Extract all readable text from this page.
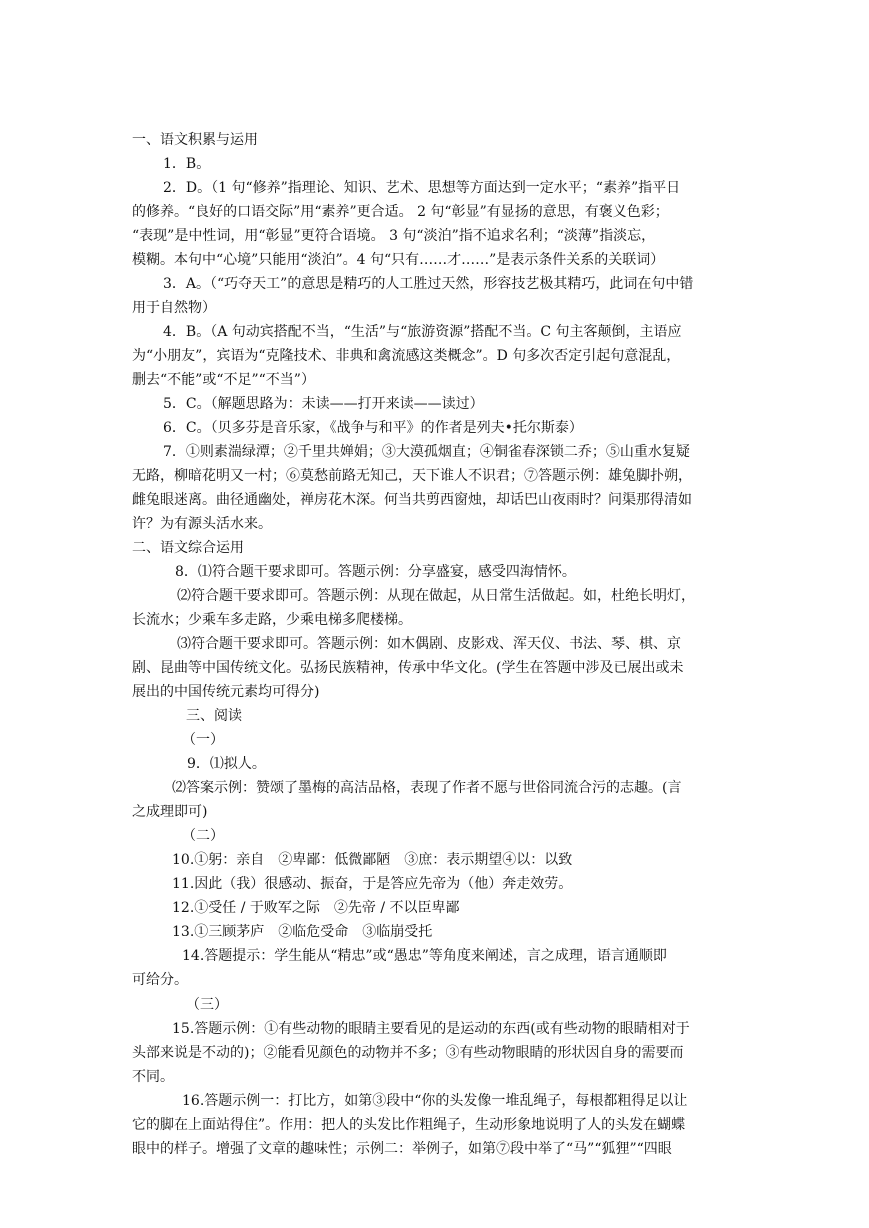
一、语文积累与运用
1．B。
2．D。（1 句“修养”指理论、知识、艺术、思想等方面达到一定水平；“素养”指平日
的修养。“良好的口语交际”用“素养”更合适。 2 句“彰显”有显扬的意思，有褒义色彩；
“表现”是中性词，用“彰显”更符合语境。 3 句“淡泊”指不追求名利；“淡薄”指淡忘，
模糊。本句中“心境”只能用“淡泊”。4 句“只有……才……”是表示条件关系的关联词）
3．A。（“巧夺天工”的意思是精巧的人工胜过天然，形容技艺极其精巧，此词在句中错
用于自然物）
4．B。（A 句动宾搭配不当，“生活”与“旅游资源”搭配不当。C 句主客颠倒，主语应
为“小朋友”，宾语为“克隆技术、非典和禽流感这类概念”。D 句多次否定引起句意混乱，
删去“不能”或“不足”“不当”）
5．C。（解题思路为：未读——打开来读——读过）
6．C。（贝多芬是音乐家，《战争与和平》的作者是列夫•托尔斯泰）
7．①则素湍绿潭；②千里共婵娟；③大漠孤烟直；④铜雀春深锁二乔；⑤山重水复疑
无路，柳暗花明又一村；⑥莫愁前路无知己，天下谁人不识君；⑦答题示例：雄兔脚扑朔，
雌兔眼迷离。曲径通幽处，禅房花木深。何当共剪西窗烛，却话巴山夜雨时？问渠那得清如
许？为有源头活水来。
二、语文综合运用
8．⑴符合题干要求即可。答题示例：分享盛宴，感受四海情怀。
⑵符合题干要求即可。答题示例：从现在做起，从日常生活做起。如，杜绝长明灯，
长流水；少乘车多走路，少乘电梯多爬楼梯。
⑶符合题干要求即可。答题示例：如木偶剧、皮影戏、浑天仪、书法、琴、棋、京
剧、昆曲等中国传统文化。弘扬民族精神，传承中华文化。(学生在答题中涉及已展出或未
展出的中国传统元素均可得分)
三、阅读
（一）
9．⑴拟人。
⑵答案示例：赞颂了墨梅的高洁品格，表现了作者不愿与世俗同流合污的志趣。(言
之成理即可)
（二）
10.①躬：亲自　②卑鄙：低微鄙陋　③庶：表示期望④以：以致
11.因此（我）很感动、振奋，于是答应先帝为（他）奔走效劳。
12.①受任 / 于败军之际　②先帝 / 不以臣卑鄙
13.①三顾茅庐　②临危受命　③临崩受托
14.答题提示：学生能从“精忠”或“愚忠”等角度来阐述，言之成理，语言通顺即
可给分。
（三）
15.答题示例：①有些动物的眼睛主要看见的是运动的东西(或有些动物的眼睛相对于
头部来说是不动的)；②能看见颜色的动物并不多；③有些动物眼睛的形状因自身的需要而
不同。
16.答题示例一：打比方，如第③段中“你的头发像一堆乱绳子，每根都粗得足以让
它的脚在上面站得住”。作用：把人的头发比作粗绳子，生动形象地说明了人的头发在蝴蝶
眼中的样子。增强了文章的趣味性；示例二：举例子，如第⑦段中举了“马”“狐狸”“四眼
